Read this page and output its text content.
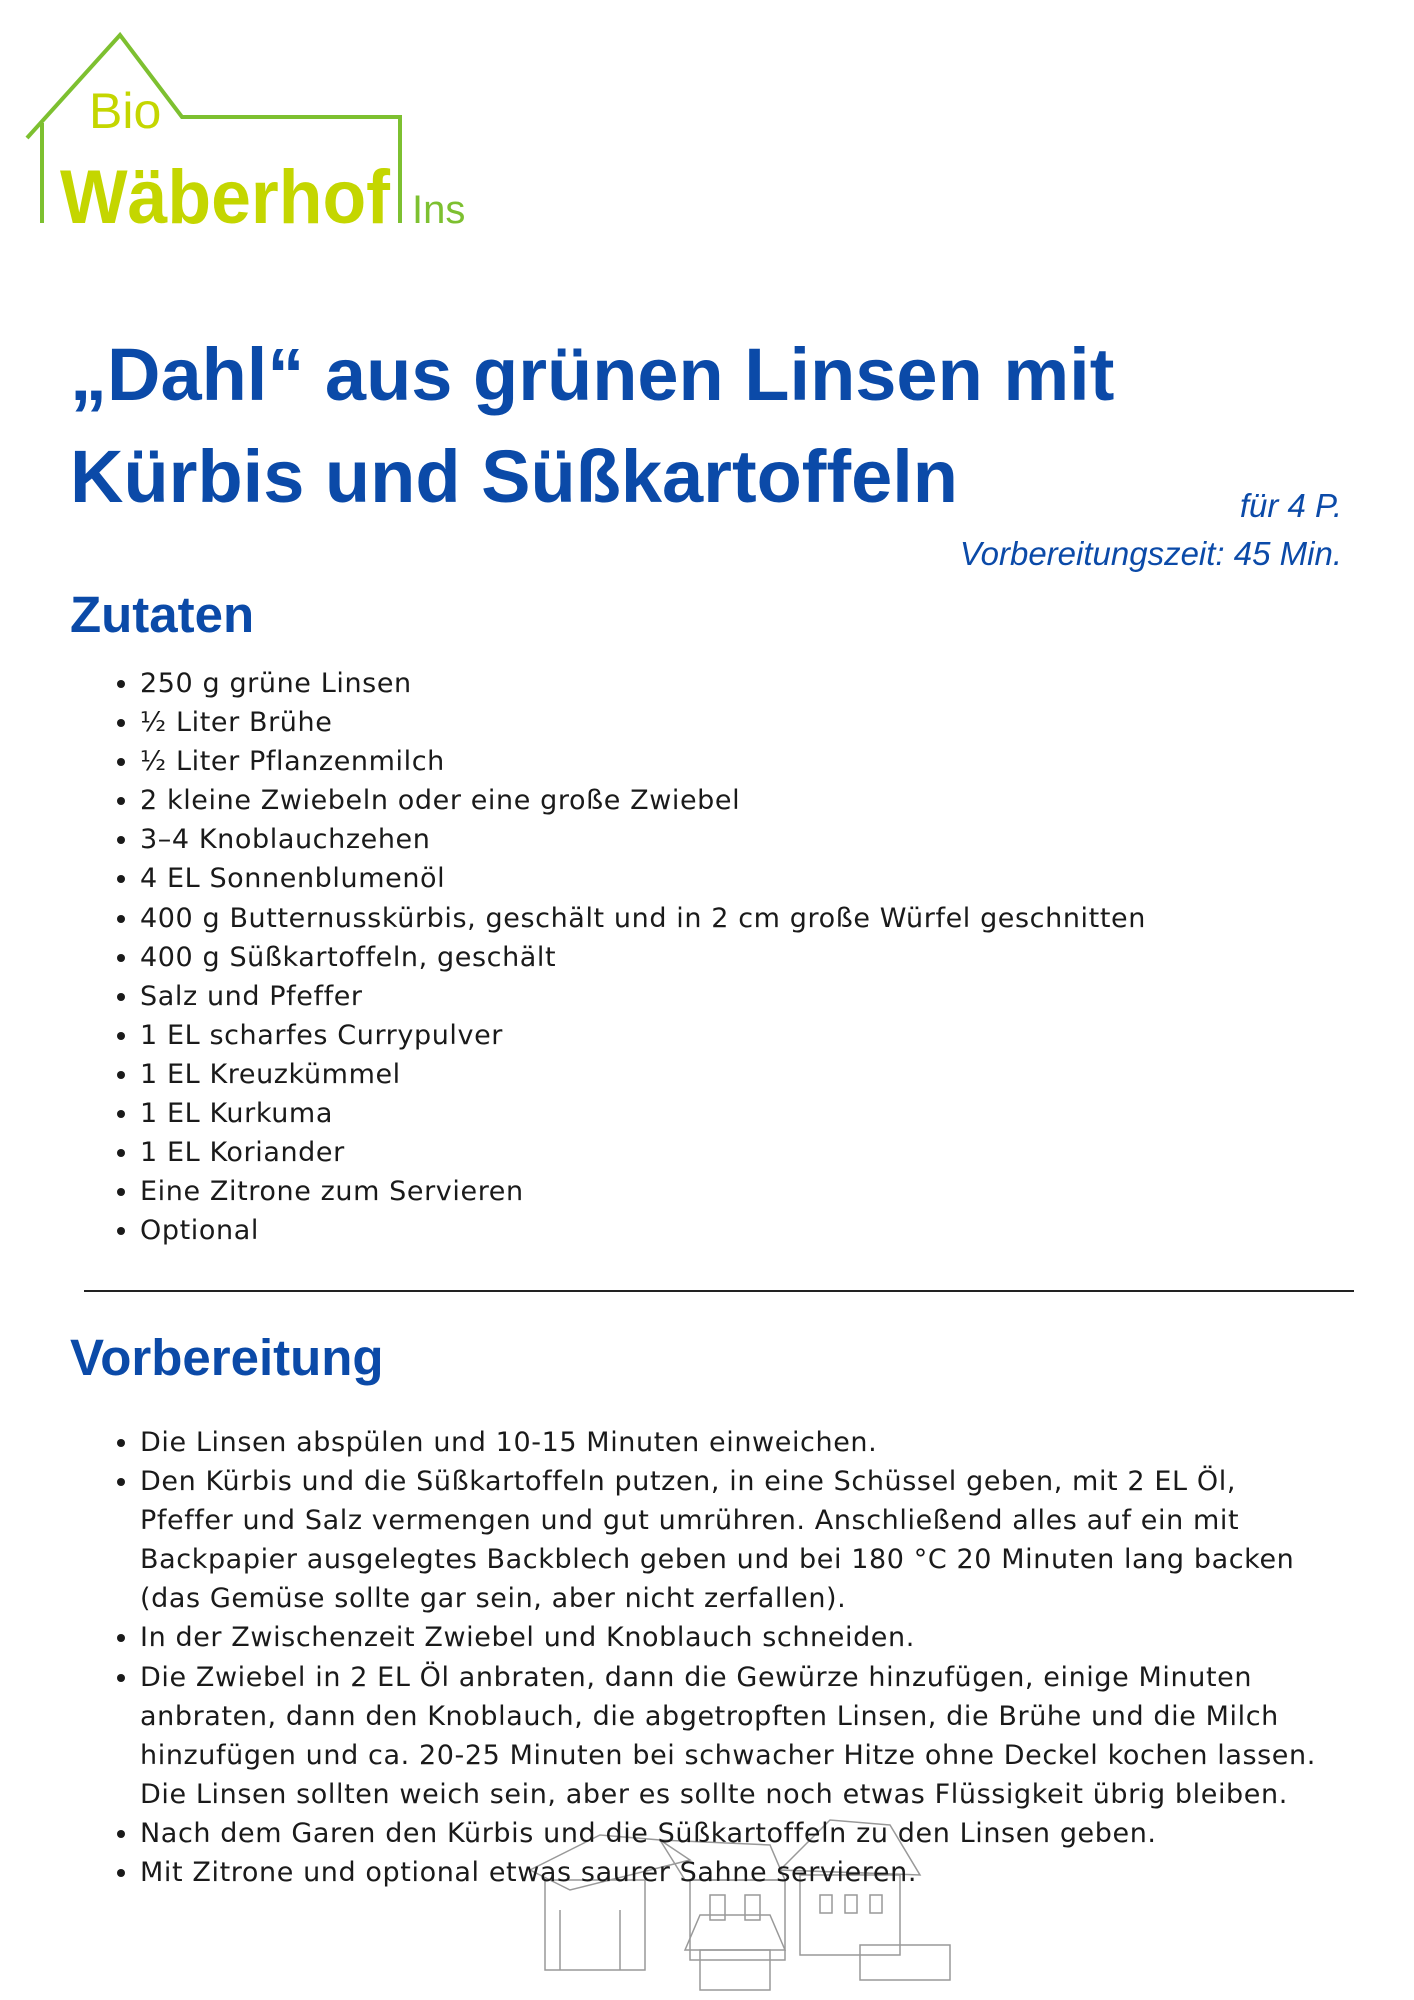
Bio
Wäberhof Ins
„Dahl“ aus grünen Linsen mit
Kürbis und Süßkartoffeln	für 4 P.
Vorbereitungszeit: 45 Min.
Zutaten
• 250 g grüne Linsen
• ½ Liter Brühe
• ½ Liter Pflanzenmilch
• 2 kleine Zwiebeln oder eine große Zwiebel
• 3–4 Knoblauchzehen
• 4 EL Sonnenblumenöl
• 400 g Butternusskürbis, geschält und in 2 cm große Würfel geschnitten
• 400 g Süßkartoffeln, geschält
• Salz und Pfeffer
• 1 EL scharfes Currypulver
• 1 EL Kreuzkümmel
• 1 EL Kurkuma
• 1 EL Koriander
• Eine Zitrone zum Servieren
• Optional
Vorbereitung
• Die Linsen abspülen und 10-15 Minuten einweichen.
• Den Kürbis und die Süßkartoffeln putzen, in eine Schüssel geben, mit 2 EL Öl, Pfeffer und Salz vermengen und gut umrühren. Anschließend alles auf ein mit Backpapier ausgelegtes Backblech geben und bei 180 °C 20 Minuten lang backen (das Gemüse sollte gar sein, aber nicht zerfallen).
• In der Zwischenzeit Zwiebel und Knoblauch schneiden.
• Die Zwiebel in 2 EL Öl anbraten, dann die Gewürze hinzufügen, einige Minuten anbraten, dann den Knoblauch, die abgetropften Linsen, die Brühe und die Milch hinzufügen und ca. 20-25 Minuten bei schwacher Hitze ohne Deckel kochen lassen. Die Linsen sollten weich sein, aber es sollte noch etwas Flüssigkeit übrig bleiben.
• Nach dem Garen den Kürbis und die Süßkartoffeln zu den Linsen geben.
• Mit Zitrone und optional etwas saurer Sahne servieren.
